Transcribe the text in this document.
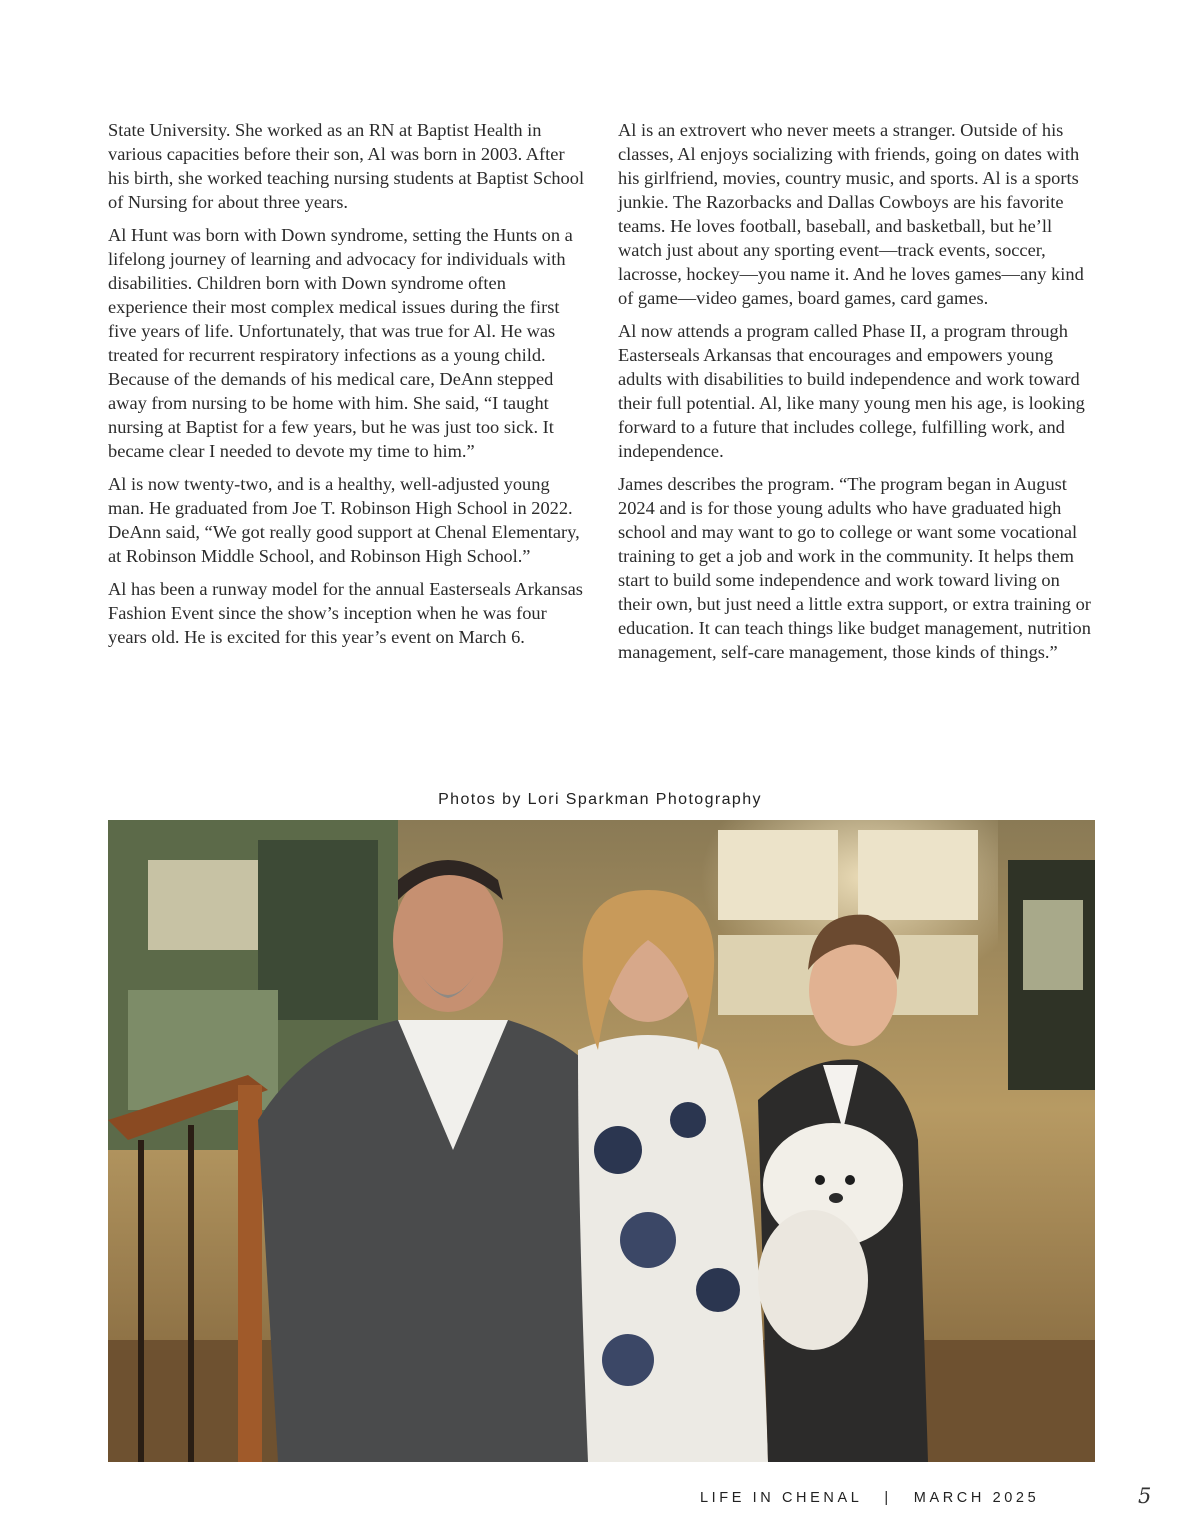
State University. She worked as an RN at Baptist Health in various capacities before their son, Al was born in 2003. After his birth, she worked teaching nursing students at Baptist School of Nursing for about three years.

Al Hunt was born with Down syndrome, setting the Hunts on a lifelong journey of learning and advocacy for individuals with disabilities. Children born with Down syndrome often experience their most complex medical issues during the first five years of life. Unfortunately, that was true for Al. He was treated for recurrent respiratory infections as a young child. Because of the demands of his medical care, DeAnn stepped away from nursing to be home with him. She said, “I taught nursing at Baptist for a few years, but he was just too sick. It became clear I needed to devote my time to him.”

Al is now twenty-two, and is a healthy, well-adjusted young man. He graduated from Joe T. Robinson High School in 2022. DeAnn said, “We got really good support at Chenal Elementary, at Robinson Middle School, and Robinson High School.”

Al has been a runway model for the annual Easterseals Arkansas Fashion Event since the show’s inception when he was four years old. He is excited for this year’s event on March 6.

Al is an extrovert who never meets a stranger. Outside of his classes, Al enjoys socializing with friends, going on dates with his girlfriend, movies, country music, and sports. Al is a sports junkie. The Razorbacks and Dallas Cowboys are his favorite teams. He loves football, baseball, and basketball, but he’ll watch just about any sporting event—track events, soccer, lacrosse, hockey—you name it. And he loves games—any kind of game—video games, board games, card games.

Al now attends a program called Phase II, a program through Easterseals Arkansas that encourages and empowers young adults with disabilities to build independence and work toward their full potential. Al, like many young men his age, is looking forward to a future that includes college, fulfilling work, and independence.

James describes the program. “The program began in August 2024 and is for those young adults who have graduated high school and may want to go to college or want some vocational training to get a job and work in the community. It helps them start to build some independence and work toward living on their own, but just need a little extra support, or extra training or education. It can teach things like budget management, nutrition management, self-care management, those kinds of things.”

Photos by Lori Sparkman Photography
LIFE IN CHENAL | MARCH 2025	5
